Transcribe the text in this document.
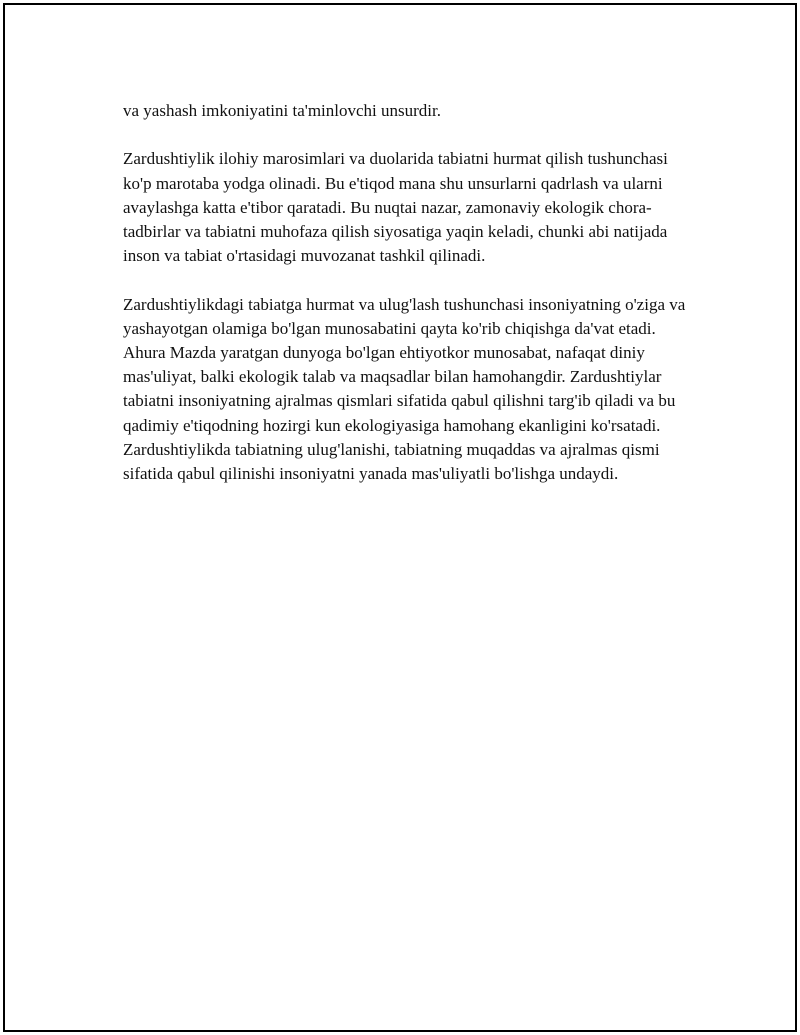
va yashash imkoniyatini ta'minlovchi unsurdir.

Zardushtiylik ilohiy marosimlari va duolarida tabiatni hurmat qilish tushunchasi ko'p marotaba yodga olinadi. Bu e'tiqod mana shu unsurlarni qadrlash va ularni avaylashga katta e'tibor qaratadi. Bu nuqtai nazar, zamonaviy ekologik chora-tadbirlar va tabiatni muhofaza qilish siyosatiga yaqin keladi, chunki abi natijada inson va tabiat o'rtasidagi muvozanat tashkil qilinadi.

Zardushtiylikdagi tabiatga hurmat va ulug'lash tushunchasi insoniyatning o'ziga va yashayotgan olamiga bo'lgan munosabatini qayta ko'rib chiqishga da'vat etadi. Ahura Mazda yaratgan dunyoga bo'lgan ehtiyotkor munosabat, nafaqat diniy mas'uliyat, balki ekologik talab va maqsadlar bilan hamohangdir. Zardushtiylar tabiatni insoniyatning ajralmas qismlari sifatida qabul qilishni targ'ib qiladi va bu qadimiy e'tiqodning hozirgi kun ekologiyasiga hamohang ekanligini ko'rsatadi. Zardushtiylikda tabiatning ulug'lanishi, tabiatning muqaddas va ajralmas qismi sifatida qabul qilinishi insoniyatni yanada mas'uliyatli bo'lishga undaydi.
